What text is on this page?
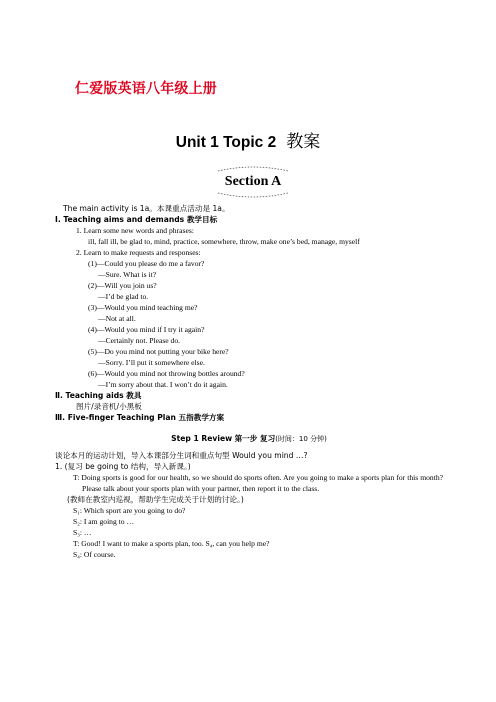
仁爱版英语八年级上册
Unit 1 Topic 2 教案
Section A
The main activity is 1a。本课重点活动是 1a。
Ⅰ. Teaching aims and demands 教学目标
1. Learn some new words and phrases:
ill, fall ill, be glad to, mind, practice, somewhere, throw, make one’s bed, manage, myself
2. Learn to make requests and responses:
(1)—Could you please do me a favor?
—Sure. What is it?
(2)—Will you join us?
—I’d be glad to.
(3)—Would you mind teaching me?
—Not at all.
(4)—Would you mind if I try it again?
—Certainly not. Please do.
(5)—Do you mind not putting your bike here?
—Sorry. I’ll put it somewhere else.
(6)—Would you mind not throwing bottles around?
—I’m sorry about that. I won’t do it again.
Ⅱ. Teaching aids 教具
图片/录音机/小黑板
Ⅲ. Five-finger Teaching Plan 五指教学方案
Step 1 Review 第一步 复习(时间：10 分钟)
谈论本月的运动计划，导入本课部分生词和重点句型 Would you mind …?
1. (复习 be going to 结构，导入新课。)
T: Doing sports is good for our health, so we should do sports often. Are you going to make a sports plan for this month? Please talk about your sports plan with your partner, then report it to the class.
(教师在教室内巡视，帮助学生完成关于计划的讨论。)
S₁: Which sport are you going to do?
S₂: I am going to …
S₃: …
T: Good! I want to make a sports plan, too. S₄, can you help me?
S₄: Of course.
